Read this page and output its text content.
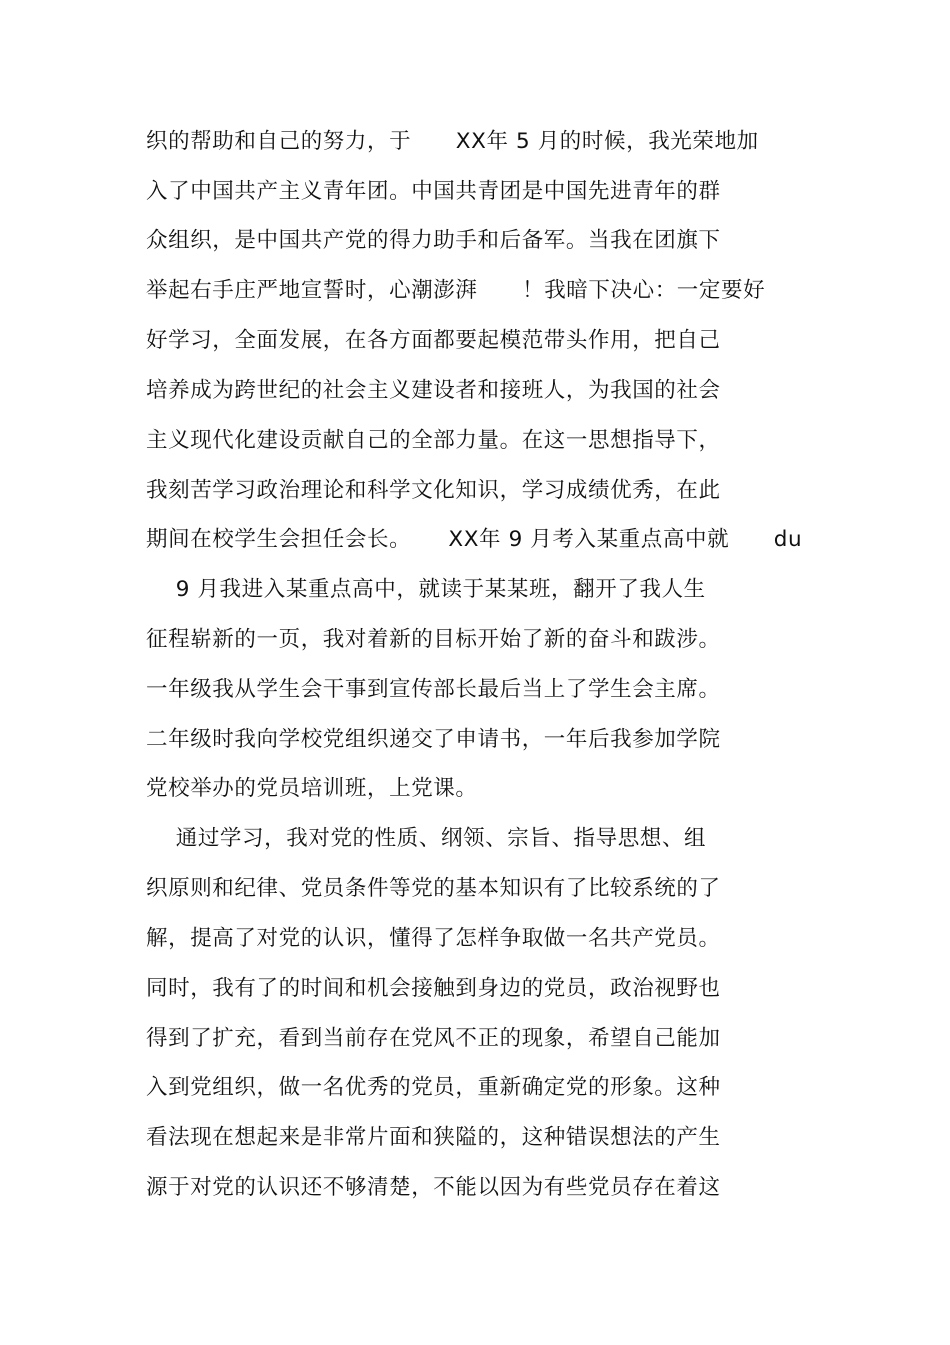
织的帮助和自己的努力，于      XX年 5 月的时候，我光荣地加
入了中国共产主义青年团。中国共青团是中国先进青年的群
众组织，是中国共产党的得力助手和后备军。当我在团旗下
举起右手庄严地宣誓时，心潮澎湃      ！我暗下决心：一定要好
好学习，全面发展，在各方面都要起模范带头作用，把自己
培养成为跨世纪的社会主义建设者和接班人，为我国的社会
主义现代化建设贡献自己的全部力量。在这一思想指导下，
我刻苦学习政治理论和科学文化知识，学习成绩优秀，在此
期间在校学生会担任会长。     XX年 9 月考入某重点高中就      du
9 月我进入某重点高中，就读于某某班，翻开了我人生
征程崭新的一页，我对着新的目标开始了新的奋斗和跋涉。
一年级我从学生会干事到宣传部长最后当上了学生会主席。
二年级时我向学校党组织递交了申请书，一年后我参加学院
党校举办的党员培训班，上党课。
通过学习，我对党的性质、纲领、宗旨、指导思想、组
织原则和纪律、党员条件等党的基本知识有了比较系统的了
解，提高了对党的认识，懂得了怎样争取做一名共产党员。
同时，我有了的时间和机会接触到身边的党员，政治视野也
得到了扩充，看到当前存在党风不正的现象，希望自己能加
入到党组织，做一名优秀的党员，重新确定党的形象。这种
看法现在想起来是非常片面和狭隘的，这种错误想法的产生
源于对党的认识还不够清楚，不能以因为有些党员存在着这
